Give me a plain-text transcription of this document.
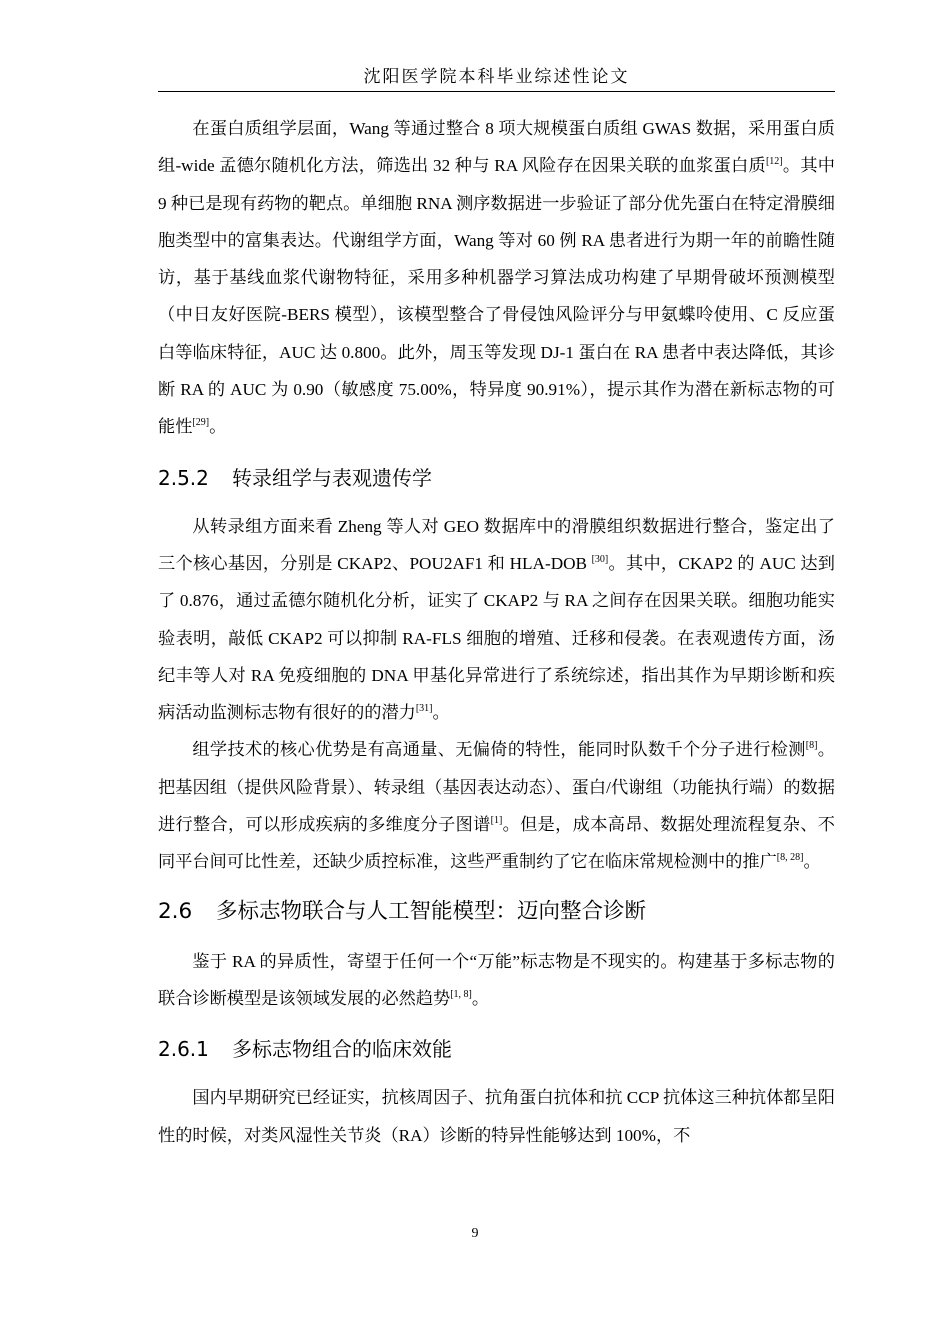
沈阳医学院本科毕业综述性论文

在蛋白质组学层面，Wang 等通过整合 8 项大规模蛋白质组 GWAS 数据，采用蛋白质组-wide 孟德尔随机化方法，筛选出 32 种与 RA 风险存在因果关联的血浆蛋白质[12]。其中 9 种已是现有药物的靶点。单细胞 RNA 测序数据进一步验证了部分优先蛋白在特定滑膜细胞类型中的富集表达。代谢组学方面，Wang 等对 60 例 RA 患者进行为期一年的前瞻性随访，基于基线血浆代谢物特征，采用多种机器学习算法成功构建了早期骨破坏预测模型（中日友好医院-BERS 模型），该模型整合了骨侵蚀风险评分与甲氨蝶呤使用、C 反应蛋白等临床特征，AUC 达 0.800。此外，周玉等发现 DJ-1 蛋白在 RA 患者中表达降低，其诊断 RA 的 AUC 为 0.90（敏感度 75.00%，特异度 90.91%），提示其作为潜在新标志物的可能性[29]。

2.5.2 转录组学与表观遗传学

从转录组方面来看 Zheng 等人对 GEO 数据库中的滑膜组织数据进行整合，鉴定出了三个核心基因，分别是 CKAP2、POU2AF1 和 HLA-DOB [30]。其中，CKAP2 的 AUC 达到了 0.876，通过孟德尔随机化分析，证实了 CKAP2 与 RA 之间存在因果关联。细胞功能实验表明，敲低 CKAP2 可以抑制 RA-FLS 细胞的增殖、迁移和侵袭。在表观遗传方面，汤纪丰等人对 RA 免疫细胞的 DNA 甲基化异常进行了系统综述，指出其作为早期诊断和疾病活动监测标志物有很好的的潜力[31]。

组学技术的核心优势是有高通量、无偏倚的特性，能同时队数千个分子进行检测[8]。把基因组（提供风险背景）、转录组（基因表达动态）、蛋白/代谢组（功能执行端）的数据进行整合，可以形成疾病的多维度分子图谱[1]。但是，成本高昂、数据处理流程复杂、不同平台间可比性差，还缺少质控标准，这些严重制约了它在临床常规检测中的推广[8, 28]。

2.6 多标志物联合与人工智能模型：迈向整合诊断

鉴于 RA 的异质性，寄望于任何一个“万能”标志物是不现实的。构建基于多标志物的联合诊断模型是该领域发展的必然趋势[1, 8]。

2.6.1 多标志物组合的临床效能

国内早期研究已经证实，抗核周因子、抗角蛋白抗体和抗 CCP 抗体这三种抗体都呈阳性的时候，对类风湿性关节炎（RA）诊断的特异性能够达到 100%，不

9
